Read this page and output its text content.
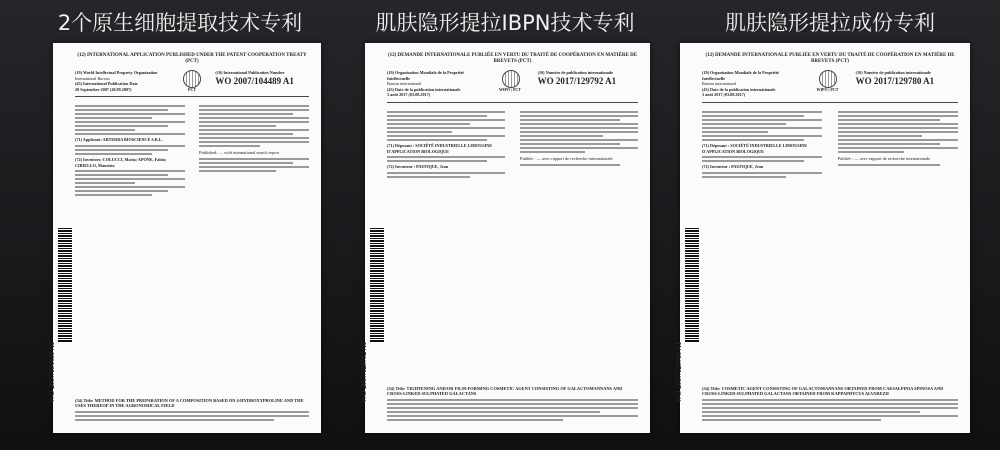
2个原生细胞提取技术专利	肌肤隐形提拉IBPN技术专利	肌肤隐形提拉成份专利
WO 2007/104489 A1
(12) INTERNATIONAL APPLICATION PUBLISHED UNDER THE PATENT COOPERATION TREATY (PCT)
(19) World Intellectual Property Organization
International Bureau
(43) International Publication Date
20 September 2007 (20.09.2007)	PCT
(10) International Publication Number
WO 2007/104489 A1
(71) Applicant: ARTERRA BIOSCIENCE S.R.L.
(72) Inventors: COLUCCI, Maria; APONE, Fabio; CIRIELLO, Maurizio
Published: — with international search report
(54) Title: METHOD FOR THE PREPARATION OF A COMPOSITION BASED ON 4-HYDROXYPROLINE AND THE USES THEREOF IN THE AGRONOMICAL FIELD
WO 2017/129792 A1
(12) DEMANDE INTERNATIONALE PUBLIÉE EN VERTU DU TRAITÉ DE COOPÉRATION EN MATIÈRE DE BREVETS (PCT)
(19) Organisation Mondiale de la Propriété Intellectuelle
Bureau international
(43) Date de la publication internationale
3 août 2017 (03.08.2017)
WIPO | PCT
(10) Numéro de publication internationale
WO 2017/129792 A1
(71) Déposant : SOCIÉTÉ INDUSTRIELLE LIMOUSINE D'APPLICATION BIOLOGIQUE
(72) Inventeur : PAUFIQUE, Jean
Publiée : — avec rapport de recherche internationale
(54) Title: TIGHTENING AND/OR FILM-FORMING COSMETIC AGENT CONSISTING OF GALACTOMANNANS AND CROSS-LINKED SULPHATED GALACTANS	WO 2017/129780 A1
(12) DEMANDE INTERNATIONALE PUBLIÉE EN VERTU DU TRAITÉ DE COOPÉRATION EN MATIÈRE DE BREVETS (PCT)
(19) Organisation Mondiale de la Propriété Intellectuelle
Bureau international
(43) Date de la publication internationale
3 août 2017 (03.08.2017)
WIPO | PCT
(10) Numéro de publication internationale
WO 2017/129780 A1
(71) Déposant : SOCIÉTÉ INDUSTRIELLE LIMOUSINE D'APPLICATION BIOLOGIQUE
(72) Inventeur : PAUFIQUE, Jean
Publiée : — avec rapport de recherche internationale
(54) Title: COSMETIC AGENT CONSISTING OF GALACTOMANNANS OBTAINED FROM CAESALPINIA SPINOSA AND CROSS-LINKED SULPHATED GALACTANS OBTAINED FROM KAPPAPHYCUS ALVAREZII
